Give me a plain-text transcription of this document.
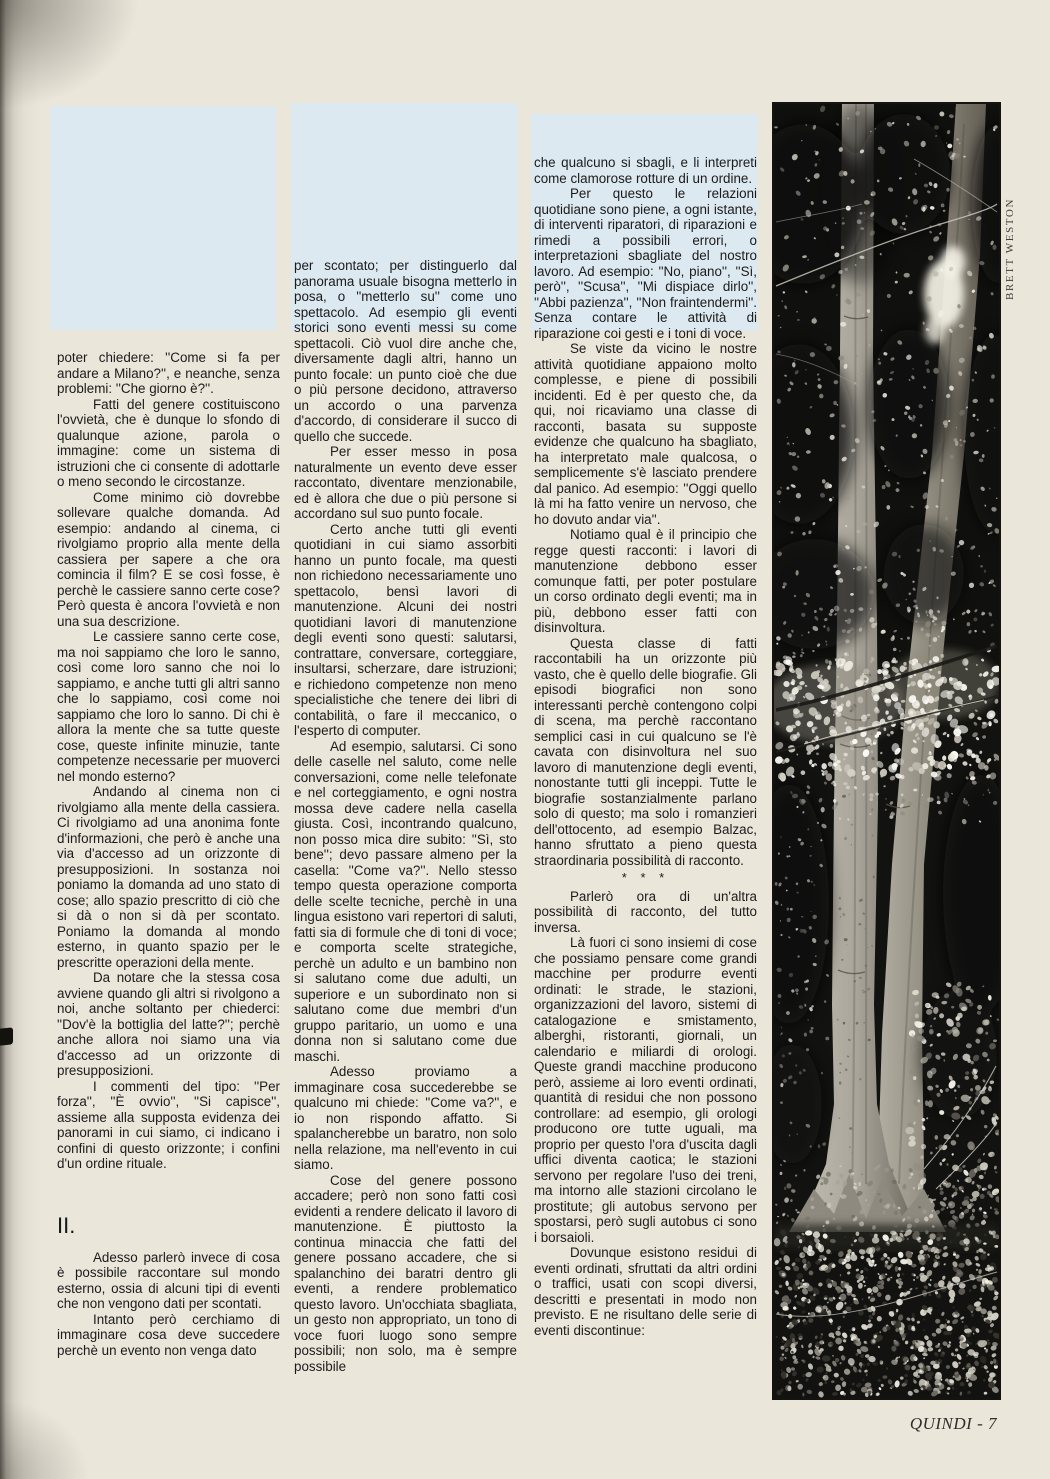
poter chiedere: ''Come si fa per andare a Milano?'', e neanche, senza problemi: ''Che giorno è?''.

Fatti del genere costituiscono l'ovvietà, che è dunque lo sfondo di qualunque azione, parola o immagine: come un sistema di istruzioni che ci consente di adottarle o meno secondo le circostanze.

Come minimo ciò dovrebbe sollevare qualche domanda. Ad esempio: andando al cinema, ci rivolgiamo proprio alla mente della cassiera per sapere a che ora comincia il film? E se così fosse, è perchè le cassiere sanno certe cose? Però questa è ancora l'ovvietà e non una sua descrizione.

Le cassiere sanno certe cose, ma noi sappiamo che loro le sanno, così come loro sanno che noi lo sappiamo, e anche tutti gli altri sanno che lo sappiamo, così come noi sappiamo che loro lo sanno. Di chi è allora la mente che sa tutte queste cose, queste infinite minuzie, tante competenze necessarie per muoverci nel mondo esterno?

Andando al cinema non ci rivolgiamo alla mente della cassiera. Ci rivolgiamo ad una anonima fonte d'informazioni, che però è anche una via d'accesso ad un orizzonte di presupposizioni. In sostanza noi poniamo la domanda ad uno stato di cose; allo spazio prescritto di ciò che si dà o non si dà per scontato. Poniamo la domanda al mondo esterno, in quanto spazio per le prescritte operazioni della mente.

Da notare che la stessa cosa avviene quando gli altri si rivolgono a noi, anche soltanto per chiederci: ''Dov'è la bottiglia del latte?''; perchè anche allora noi siamo una via d'accesso ad un orizzonte di presupposizioni.

I commenti del tipo: ''Per forza'', ''È ovvio'', ''Si capisce'', assieme alla supposta evidenza dei panorami in cui siamo, ci indicano i confini di questo orizzonte; i confini d'un ordine rituale.

II.

Adesso parlerò invece di cosa è possibile raccontare sul mondo esterno, ossia di alcuni tipi di eventi che non vengono dati per scontati.

Intanto però cerchiamo di immaginare cosa deve succedere perchè un evento non venga dato

per scontato; per distinguerlo dal panorama usuale bisogna metterlo in posa, o ''metterlo su'' come uno spettacolo. Ad esempio gli eventi storici sono eventi messi su come spettacoli. Ciò vuol dire anche che, diversamente dagli altri, hanno un punto focale: un punto cioè che due o più persone decidono, attraverso un accordo o una parvenza d'accordo, di considerare il succo di quello che succede.

Per esser messo in posa naturalmente un evento deve esser raccontato, diventare menzionabile, ed è allora che due o più persone si accordano sul suo punto focale.

Certo anche tutti gli eventi quotidiani in cui siamo assorbiti hanno un punto focale, ma questi non richiedono necessariamente uno spettacolo, bensì lavori di manutenzione. Alcuni dei nostri quotidiani lavori di manutenzione degli eventi sono questi: salutarsi, contrattare, conversare, corteggiare, insultarsi, scherzare, dare istruzioni; e richiedono competenze non meno specialistiche che tenere dei libri di contabilità, o fare il meccanico, o l'esperto di computer.

Ad esempio, salutarsi. Ci sono delle caselle nel saluto, come nelle conversazioni, come nelle telefonate e nel corteggiamento, e ogni nostra mossa deve cadere nella casella giusta. Così, incontrando qualcuno, non posso mica dire subito: ''Sì, sto bene''; devo passare almeno per la casella: ''Come va?''. Nello stesso tempo questa operazione comporta delle scelte tecniche, perchè in una lingua esistono vari repertori di saluti, fatti sia di formule che di toni di voce; e comporta scelte strategiche, perchè un adulto e un bambino non si salutano come due adulti, un superiore e un subordinato non si salutano come due membri d'un gruppo paritario, un uomo e una donna non si salutano come due maschi.

Adesso proviamo a immaginare cosa succederebbe se qualcuno mi chiede: ''Come va?'', e io non rispondo affatto. Si spalancherebbe un baratro, non solo nella relazione, ma nell'evento in cui siamo.

Cose del genere possono accadere; però non sono fatti così evidenti a rendere delicato il lavoro di manutenzione. È piuttosto la continua minaccia che fatti del genere possano accadere, che si spalanchino dei baratri dentro gli eventi, a rendere problematico questo lavoro. Un'occhiata sbagliata, un gesto non appropriato, un tono di voce fuori luogo sono sempre possibili; non solo, ma è sempre possibile

che qualcuno si sbagli, e li interpreti come clamorose rotture di un ordine.

Per questo le relazioni quotidiane sono piene, a ogni istante, di interventi riparatori, di riparazioni e rimedi a possibili errori, o interpretazioni sbagliate del nostro lavoro. Ad esempio: ''No, piano'', ''Sì, però'', ''Scusa'', ''Mi dispiace dirlo'', ''Abbi pazienza'', ''Non fraintendermi''. Senza contare le attività di riparazione coi gesti e i toni di voce.

Se viste da vicino le nostre attività quotidiane appaiono molto complesse, e piene di possibili incidenti. Ed è per questo che, da qui, noi ricaviamo una classe di racconti, basata su supposte evidenze che qualcuno ha sbagliato, ha interpretato male qualcosa, o semplicemente s'è lasciato prendere dal panico. Ad esempio: ''Oggi quello là mi ha fatto venire un nervoso, che ho dovuto andar via''.

Notiamo qual è il principio che regge questi racconti: i lavori di manutenzione debbono esser comunque fatti, per poter postulare un corso ordinato degli eventi; ma in più, debbono esser fatti con disinvoltura.

Questa classe di fatti raccontabili ha un orizzonte più vasto, che è quello delle biografie. Gli episodi biografici non sono interessanti perchè contengono colpi di scena, ma perchè raccontano semplici casi in cui qualcuno se l'è cavata con disinvoltura nel suo lavoro di manutenzione degli eventi, nonostante tutti gli inceppi. Tutte le biografie sostanzialmente parlano solo di questo; ma solo i romanzieri dell'ottocento, ad esempio Balzac, hanno sfruttato a pieno questa straordinaria possibilità di racconto.

* * *

Parlerò ora di un'altra possibilità di racconto, del tutto inversa.

Là fuori ci sono insiemi di cose che possiamo pensare come grandi macchine per produrre eventi ordinati: le strade, le stazioni, organizzazioni del lavoro, sistemi di catalogazione e smistamento, alberghi, ristoranti, giornali, un calendario e miliardi di orologi. Queste grandi macchine producono però, assieme ai loro eventi ordinati, quantità di residui che non possono controllare: ad esempio, gli orologi producono ore tutte uguali, ma proprio per questo l'ora d'uscita dagli uffici diventa caotica; le stazioni servono per regolare l'uso dei treni, ma intorno alle stazioni circolano le prostitute; gli autobus servono per spostarsi, però sugli autobus ci sono i borsaioli.

Dovunque esistono residui di eventi ordinati, sfruttati da altri ordini o traffici, usati con scopi diversi, descritti e presentati in modo non previsto. E ne risultano delle serie di eventi discontinue:

BRETT WESTON
QUINDI - 7
